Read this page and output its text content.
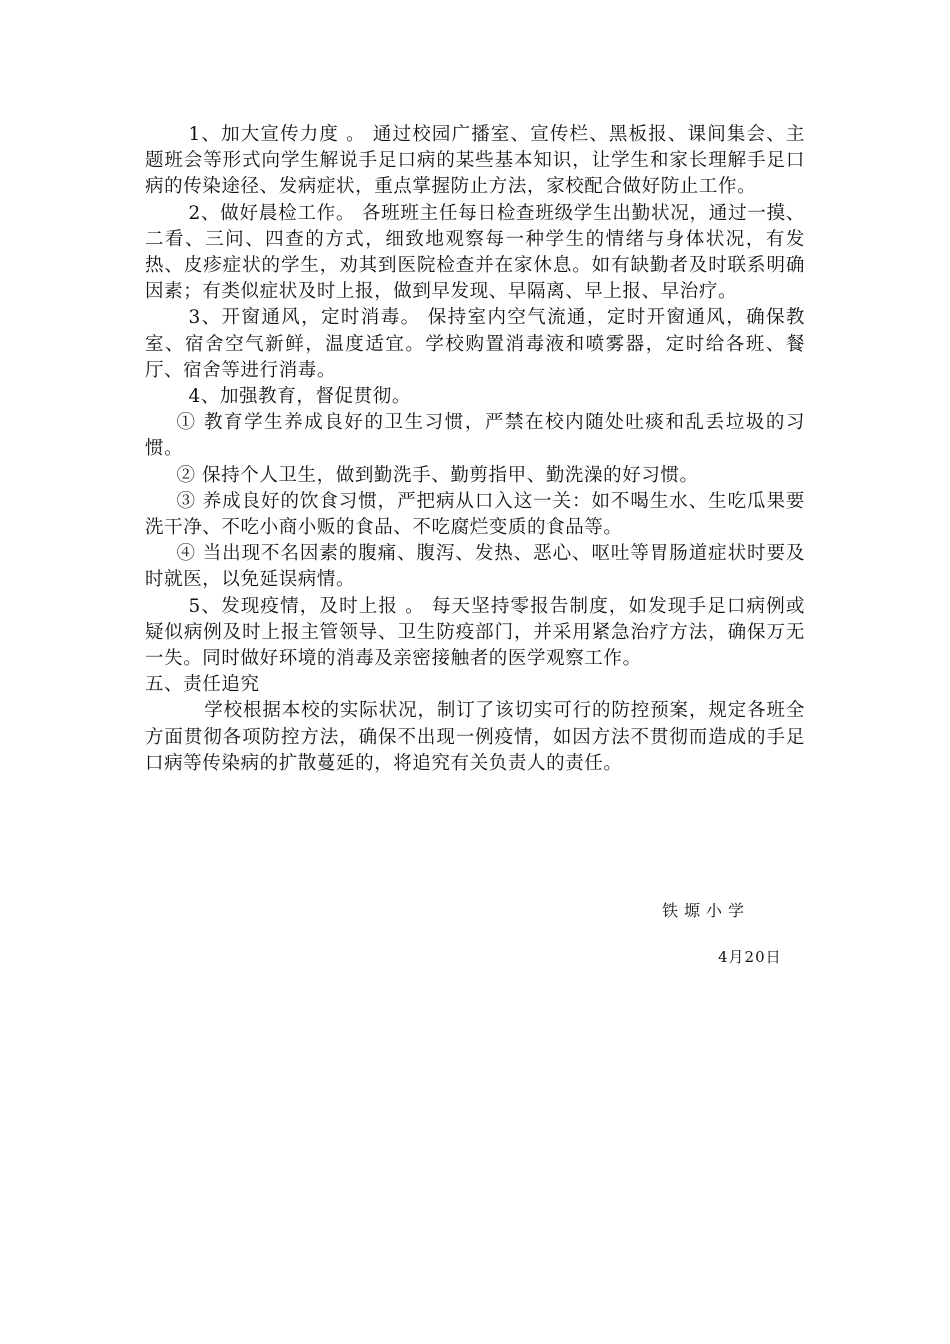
1、加大宣传力度 。 通过校园广播室、宣传栏、黑板报、课间集会、主题班会等形式向学生解说手足口病的某些基本知识，让学生和家长理解手足口病的传染途径、发病症状，重点掌握防止方法，家校配合做好防止工作。

2、做好晨检工作。 各班班主任每日检查班级学生出勤状况，通过一摸、二看、三问、四查的方式，细致地观察每一种学生的情绪与身体状况，有发热、皮疹症状的学生，劝其到医院检查并在家休息。如有缺勤者及时联系明确因素；有类似症状及时上报，做到早发现、早隔离、早上报、早治疗。

3、开窗通风，定时消毒。 保持室内空气流通，定时开窗通风，确保教室、宿舍空气新鲜，温度适宜。学校购置消毒液和喷雾器，定时给各班、餐厅、宿舍等进行消毒。

4、加强教育，督促贯彻。

① 教育学生养成良好的卫生习惯，严禁在校内随处吐痰和乱丢垃圾的习惯。

② 保持个人卫生，做到勤洗手、勤剪指甲、勤洗澡的好习惯。

③ 养成良好的饮食习惯，严把病从口入这一关：如不喝生水、生吃瓜果要洗干净、不吃小商小贩的食品、不吃腐烂变质的食品等。

④ 当出现不名因素的腹痛、腹泻、发热、恶心、呕吐等胃肠道症状时要及时就医，以免延误病情。

5、发现疫情，及时上报 。 每天坚持零报告制度，如发现手足口病例或疑似病例及时上报主管领导、卫生防疫部门，并采用紧急治疗方法，确保万无一失。同时做好环境的消毒及亲密接触者的医学观察工作。

五、责任追究

学校根据本校的实际状况，制订了该切实可行的防控预案，规定各班全方面贯彻各项防控方法，确保不出现一例疫情，如因方法不贯彻而造成的手足口病等传染病的扩散蔓延的，将追究有关负责人的责任。

铁塬小学
4月20日
